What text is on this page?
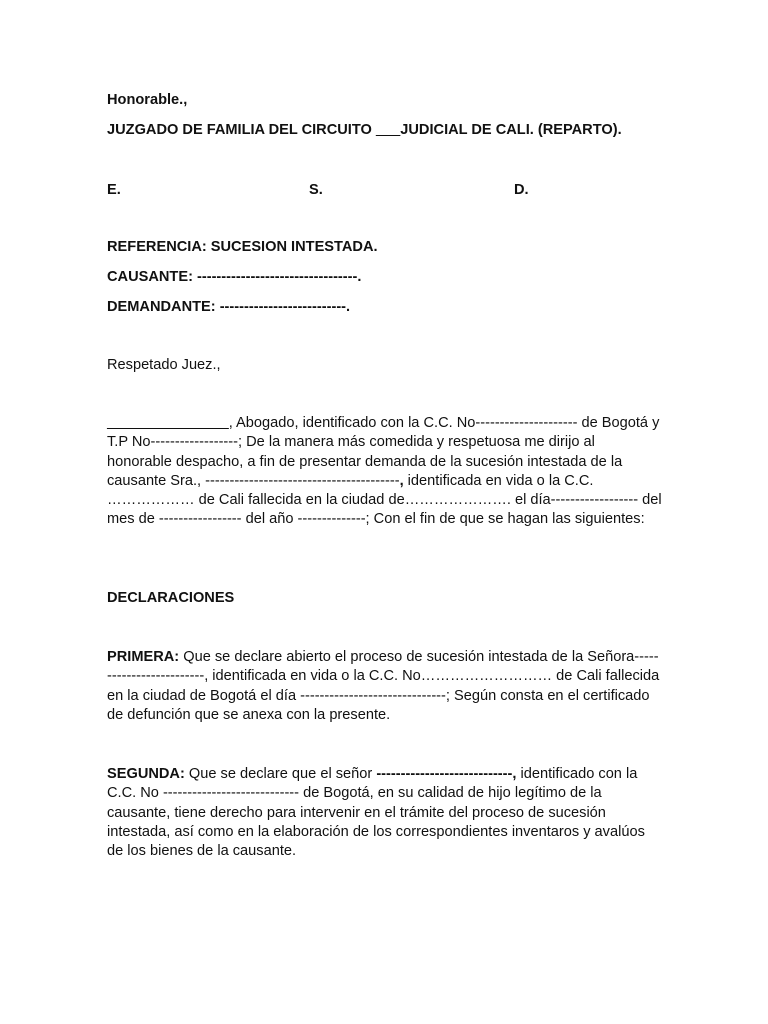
Honorable.,

JUZGADO DE FAMILIA DEL CIRCUITO ___JUDICIAL DE CALI. (REPARTO).

E.	S.	D.

REFERENCIA: SUCESION INTESTADA.

CAUSANTE: ---------------------------------.

DEMANDANTE: --------------------------.

Respetado Juez.,

_______________, Abogado, identificado con la C.C. No--------------------- de Bogotá y T.P No------------------; De la manera más comedida y respetuosa me dirijo al honorable despacho, a fin de presentar demanda de la sucesión intestada de la causante Sra., ----------------------------------------, identificada en vida o la C.C. ……………… de Cali fallecida en la ciudad de…………………. el día------------------ del mes de ----------------- del año --------------; Con el fin de que se hagan las siguientes:

DECLARACIONES

PRIMERA: Que se declare abierto el proceso de sucesión intestada de la Señora-------------------------, identificada en vida o la C.C. No……………………… de Cali fallecida en la ciudad de Bogotá el día ------------------------------; Según consta en el certificado de defunción que se anexa con la presente.

SEGUNDA: Que se declare que el señor ----------------------------, identificado con la C.C. No ---------------------------- de Bogotá, en su calidad de hijo legítimo de la causante, tiene derecho para intervenir en el trámite del proceso de sucesión intestada, así como en la elaboración de los correspondientes inventaros y avalúos de los bienes de la causante.
